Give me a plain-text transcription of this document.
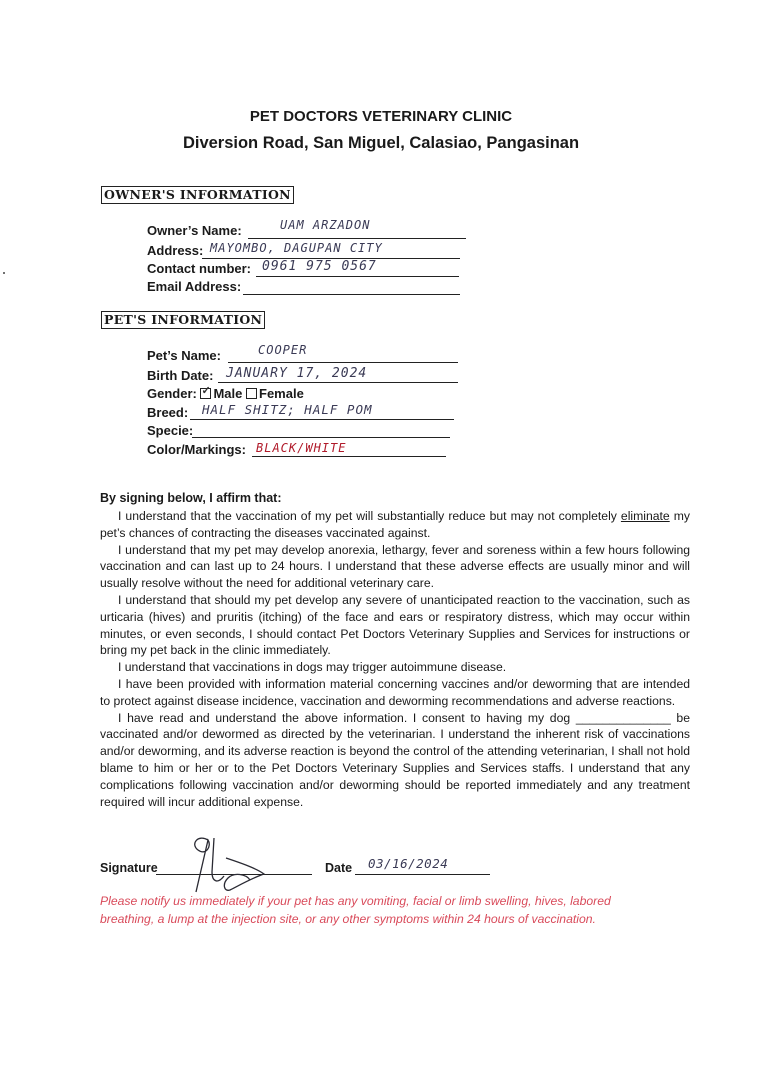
PET DOCTORS VETERINARY CLINIC
Diversion Road, San Miguel, Calasiao, Pangasinan
OWNER'S INFORMATION
Owner’s Name:	UAM ARZADON
Address: MAYOMBO, DAGUPAN CITY
Contact number: 0961 975 0567
Email Address:
PET'S INFORMATION
Pet’s Name:	COOPER
Birth Date: JANUARY 17, 2024
Gender: ✓ Male Female
Breed: HALF SHITZ; HALF POM
Specie:
Color/Markings: BLACK/WHITE
By signing below, I affirm that:

I understand that the vaccination of my pet will substantially reduce but may not completely eliminate my pet’s chances of contracting the diseases vaccinated against.

I understand that my pet may develop anorexia, lethargy, fever and soreness within a few hours following vaccination and can last up to 24 hours. I understand that these adverse effects are usually minor and will usually resolve without the need for additional veterinary care.

I understand that should my pet develop any severe of unanticipated reaction to the vaccination, such as urticaria (hives) and pruritis (itching) of the face and ears or respiratory distress, which may occur within minutes, or even seconds, I should contact Pet Doctors Veterinary Supplies and Services for instructions or bring my pet back in the clinic immediately.

I understand that vaccinations in dogs may trigger autoimmune disease.

I have been provided with information material concerning vaccines and/or deworming that are intended to protect against disease incidence, vaccination and deworming recommendations and adverse reactions.

I have read and understand the above information. I consent to having my dog ______________ be vaccinated and/or dewormed as directed by the veterinarian. I understand the inherent risk of vaccinations and/or deworming, and its adverse reaction is beyond the control of the attending veterinarian, I shall not hold blame to him or her or to the Pet Doctors Veterinary Supplies and Services staffs. I understand that any complications following vaccination and/or deworming should be reported immediately and any treatment required will incur additional expense.

Signature	Date 03/16/2024
Please notify us immediately if your pet has any vomiting, facial or limb swelling, hives, labored breathing, a lump at the injection site, or any other symptoms within 24 hours of vaccination.
